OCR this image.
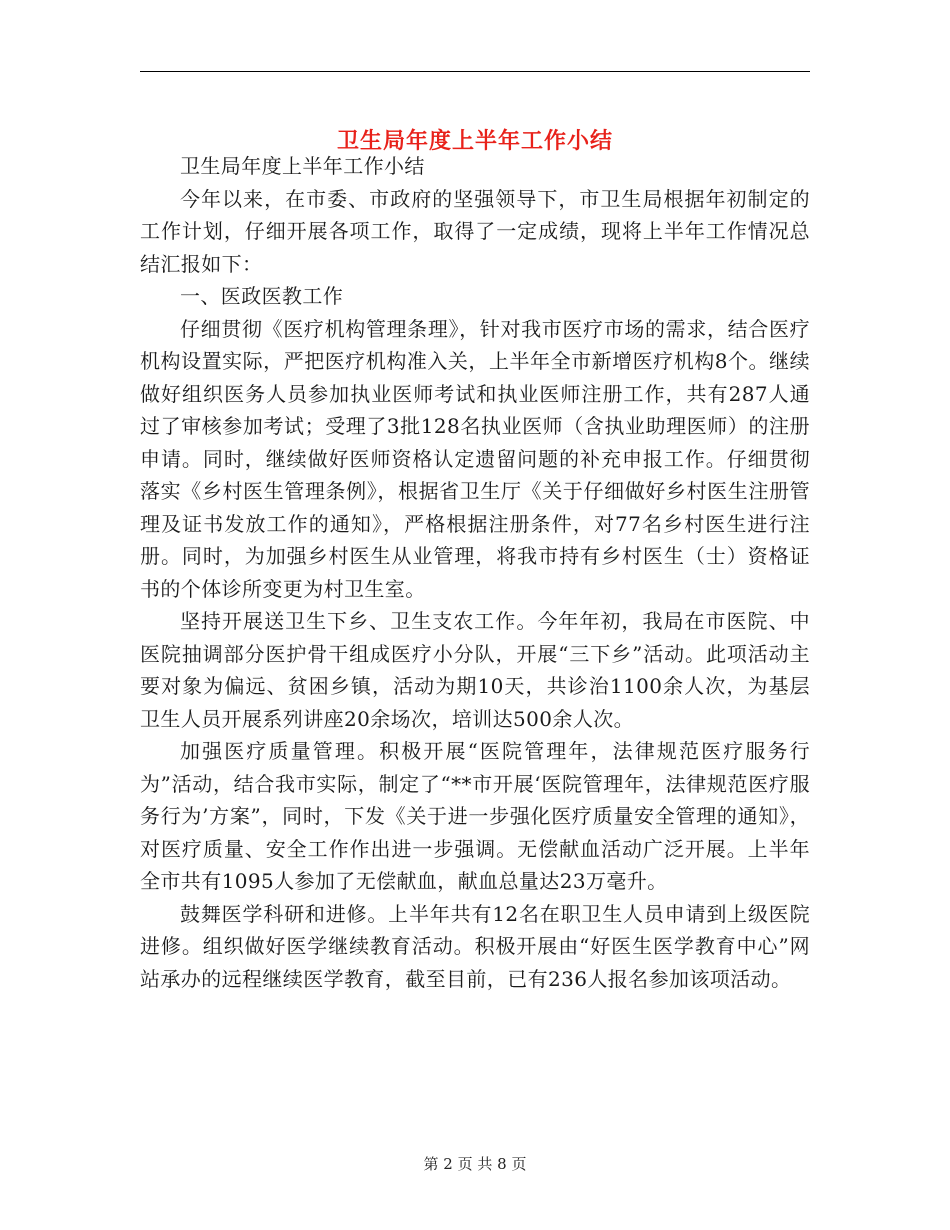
卫生局年度上半年工作小结

卫生局年度上半年工作小结

今年以来，在市委、市政府的坚强领导下，市卫生局根据年初制定的工作计划，仔细开展各项工作，取得了一定成绩，现将上半年工作情况总结汇报如下：

一、医政医教工作

仔细贯彻《医疗机构管理条理》，针对我市医疗市场的需求，结合医疗机构设置实际，严把医疗机构准入关，上半年全市新增医疗机构8个。继续做好组织医务人员参加执业医师考试和执业医师注册工作，共有287人通过了审核参加考试；受理了3批128名执业医师（含执业助理医师）的注册申请。同时，继续做好医师资格认定遗留问题的补充申报工作。仔细贯彻落实《乡村医生管理条例》，根据省卫生厅《关于仔细做好乡村医生注册管理及证书发放工作的通知》，严格根据注册条件，对77名乡村医生进行注册。同时，为加强乡村医生从业管理，将我市持有乡村医生（士）资格证书的个体诊所变更为村卫生室。

坚持开展送卫生下乡、卫生支农工作。今年年初，我局在市医院、中医院抽调部分医护骨干组成医疗小分队，开展“三下乡”活动。此项活动主要对象为偏远、贫困乡镇，活动为期10天，共诊治1100余人次，为基层卫生人员开展系列讲座20余场次，培训达500余人次。

加强医疗质量管理。积极开展“医院管理年，法律规范医疗服务行为”活动，结合我市实际，制定了“**市开展‘医院管理年，法律规范医疗服务行为’方案”，同时，下发《关于进一步强化医疗质量安全管理的通知》，对医疗质量、安全工作作出进一步强调。无偿献血活动广泛开展。上半年全市共有1095人参加了无偿献血，献血总量达23万毫升。

鼓舞医学科研和进修。上半年共有12名在职卫生人员申请到上级医院进修。组织做好医学继续教育活动。积极开展由“好医生医学教育中心”网站承办的远程继续医学教育，截至目前，已有236人报名参加该项活动。

第 2 页 共 8 页
